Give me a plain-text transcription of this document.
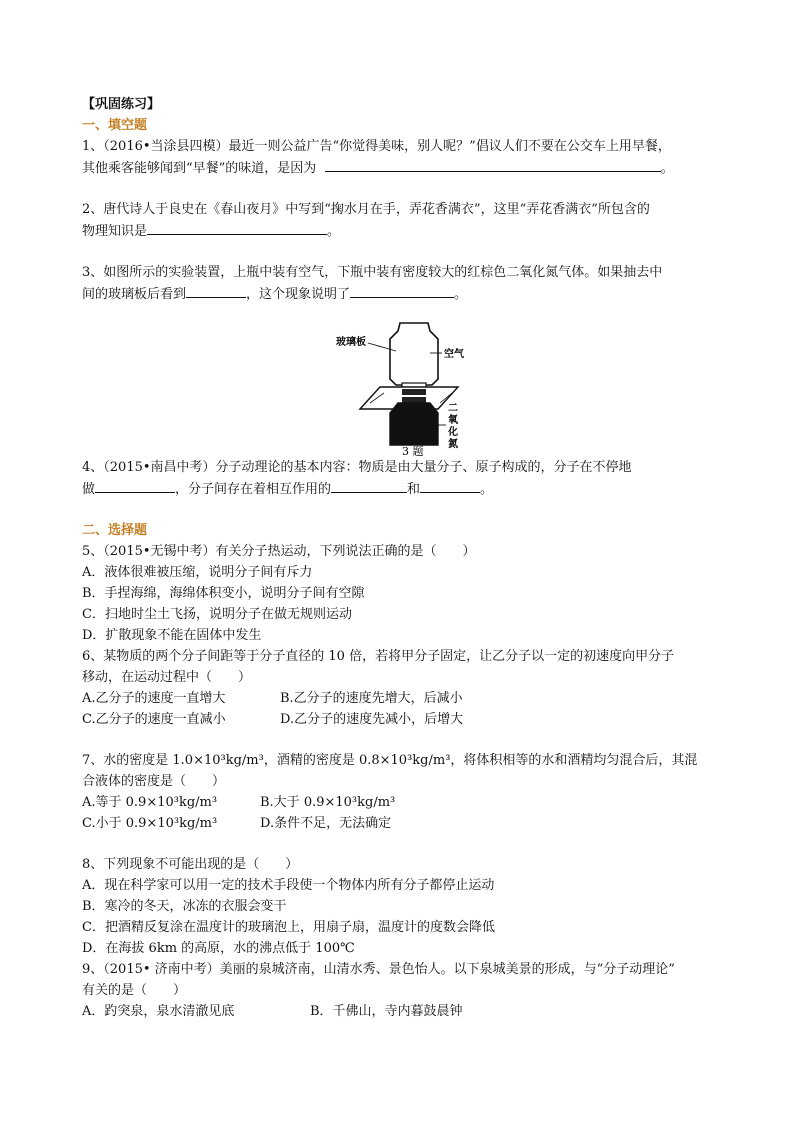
【巩固练习】

一、填空题

1、（2016•当涂县四模）最近一则公益广告“你觉得美味，别人呢？”倡议人们不要在公交车上用早餐，

其他乘客能够闻到“早餐”的味道，是因为	。

2、唐代诗人于良史在《春山夜月》中写到“掬水月在手，弄花香满衣”，这里“弄花香满衣”所包含的

物理知识是	。

3、如图所示的实验装置，上瓶中装有空气，下瓶中装有密度较大的红棕色二氧化氮气体。如果抽去中

间的玻璃板后看到	，这个现象说明了	。

玻璃板
空气
二
氧
化
氮
3 题

4、（2015•南昌中考）分子动理论的基本内容：物质是由大量分子、原子构成的，分子在不停地

做	，分子间存在着相互作用的	和	。

二、选择题

5、（2015•无锡中考）有关分子热运动，下列说法正确的是（　　）

A．液体很难被压缩，说明分子间有斥力

B．手捏海绵，海绵体积变小，说明分子间有空隙

C．扫地时尘土飞扬，说明分子在做无规则运动

D．扩散现象不能在固体中发生

6、某物质的两个分子间距等于分子直径的 10 倍，若将甲分子固定，让乙分子以一定的初速度向甲分子

移动，在运动过程中（　　）

A.乙分子的速度一直增大	B.乙分子的速度先增大，后减小
C.乙分子的速度一直减小	D.乙分子的速度先减小，后增大

7、水的密度是 1.0×10³kg/m³，酒精的密度是 0.8×10³kg/m³，将体积相等的水和酒精均匀混合后，其混

合液体的密度是（　　）

A.等于 0.9×10³kg/m³	B.大于 0.9×10³kg/m³
C.小于 0.9×10³kg/m³	D.条件不足，无法确定

8、下列现象不可能出现的是（　　）

A．现在科学家可以用一定的技术手段使一个物体内所有分子都停止运动

B．寒冷的冬天，冰冻的衣服会变干

C．把酒精反复涂在温度计的玻璃泡上，用扇子扇，温度计的度数会降低

D．在海拔 6km 的高原，水的沸点低于 100℃

9、（2015• 济南中考）美丽的泉城济南，山清水秀、景色怡人。以下泉城美景的形成，与“分子动理论”

有关的是（　　）

A．趵突泉，泉水清澈见底	B．千佛山，寺内暮鼓晨钟
